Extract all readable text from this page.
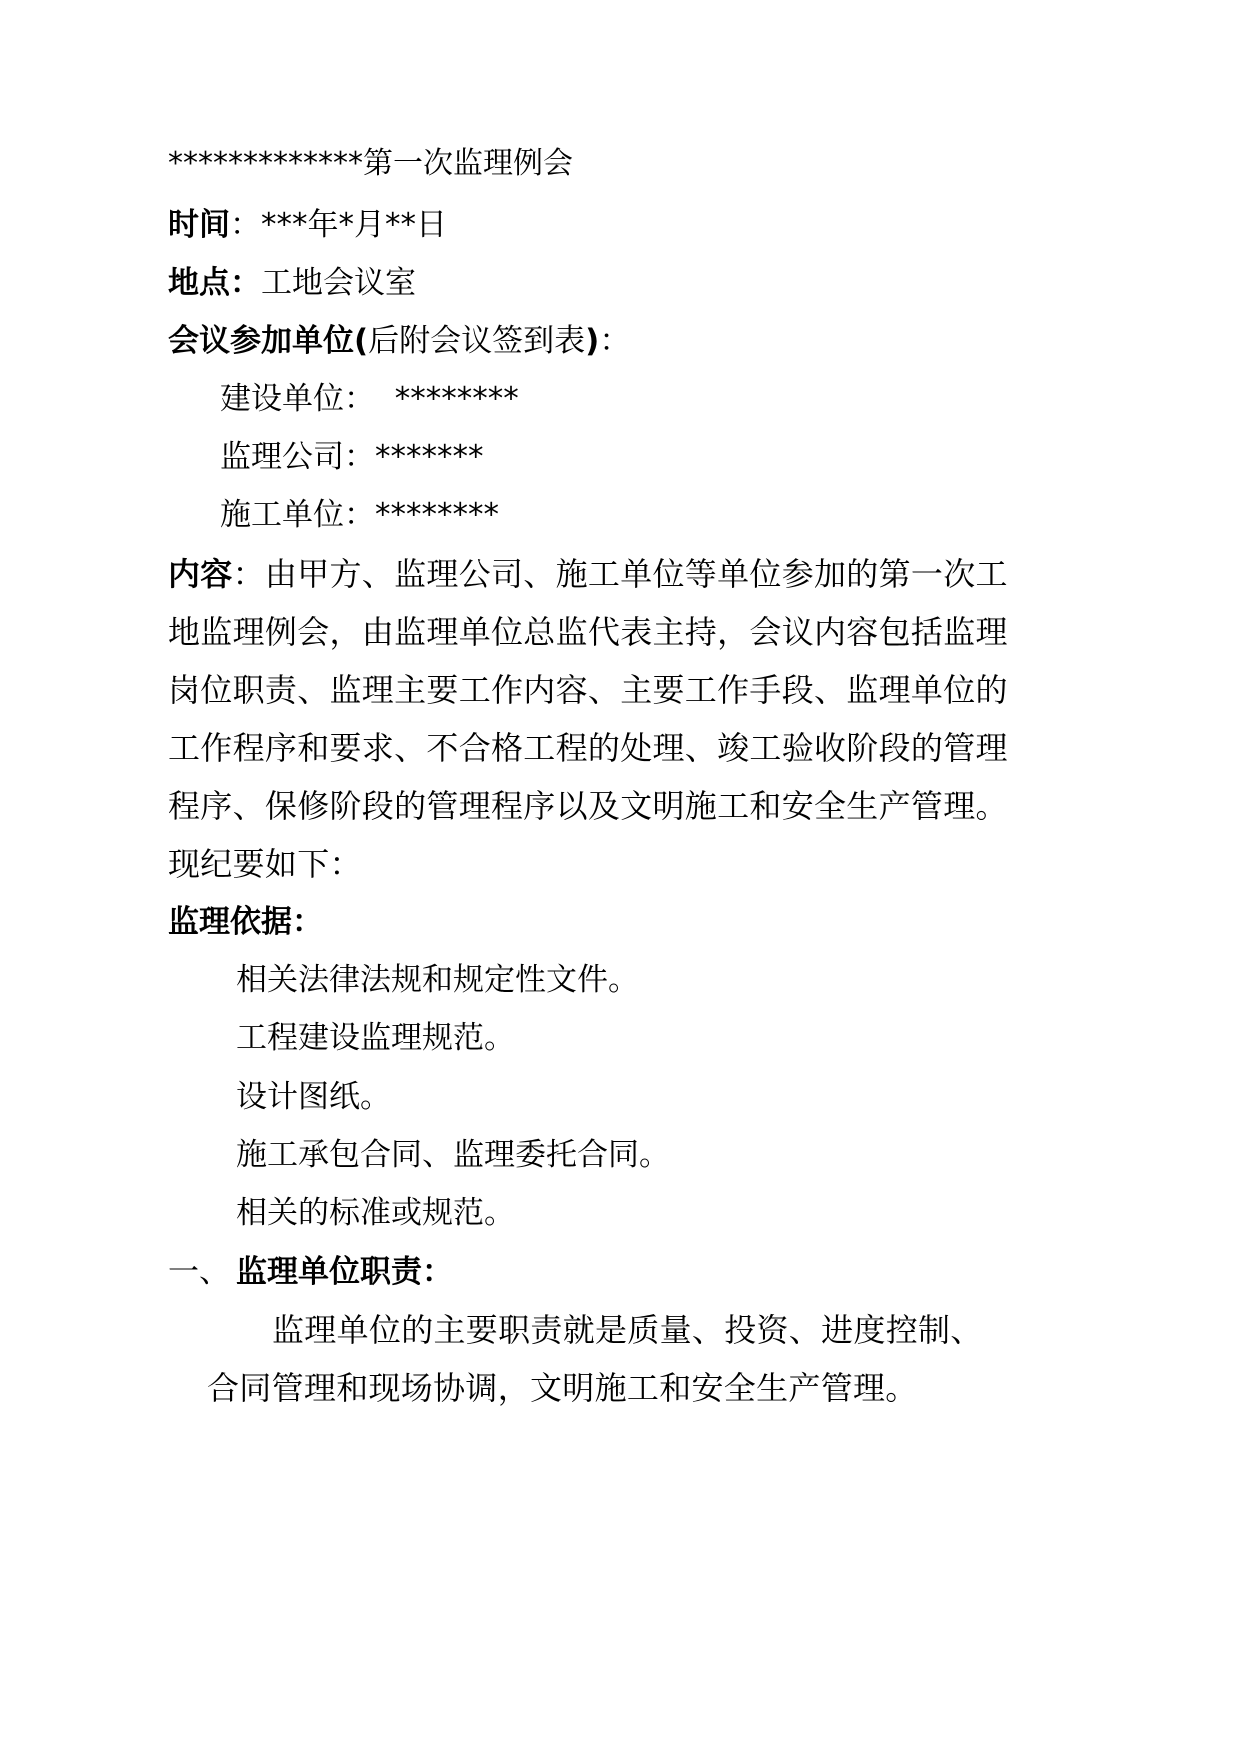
*************第一次监理例会
时间：***年*月**日
地点：工地会议室
会议参加单位(后附会议签到表)：
建设单位：  ********
监理公司：*******
施工单位：********
内容：由甲方、监理公司、施工单位等单位参加的第一次工
地监理例会，由监理单位总监代表主持，会议内容包括监理
岗位职责、监理主要工作内容、主要工作手段、监理单位的
工作程序和要求、不合格工程的处理、竣工验收阶段的管理
程序、保修阶段的管理程序以及文明施工和安全生产管理。
现纪要如下：
监理依据：
相关法律法规和规定性文件。
工程建设监理规范。
设计图纸。
施工承包合同、监理委托合同。
相关的标准或规范。
一、 监理单位职责：
监理单位的主要职责就是质量、投资、进度控制、
合同管理和现场协调，文明施工和安全生产管理。
